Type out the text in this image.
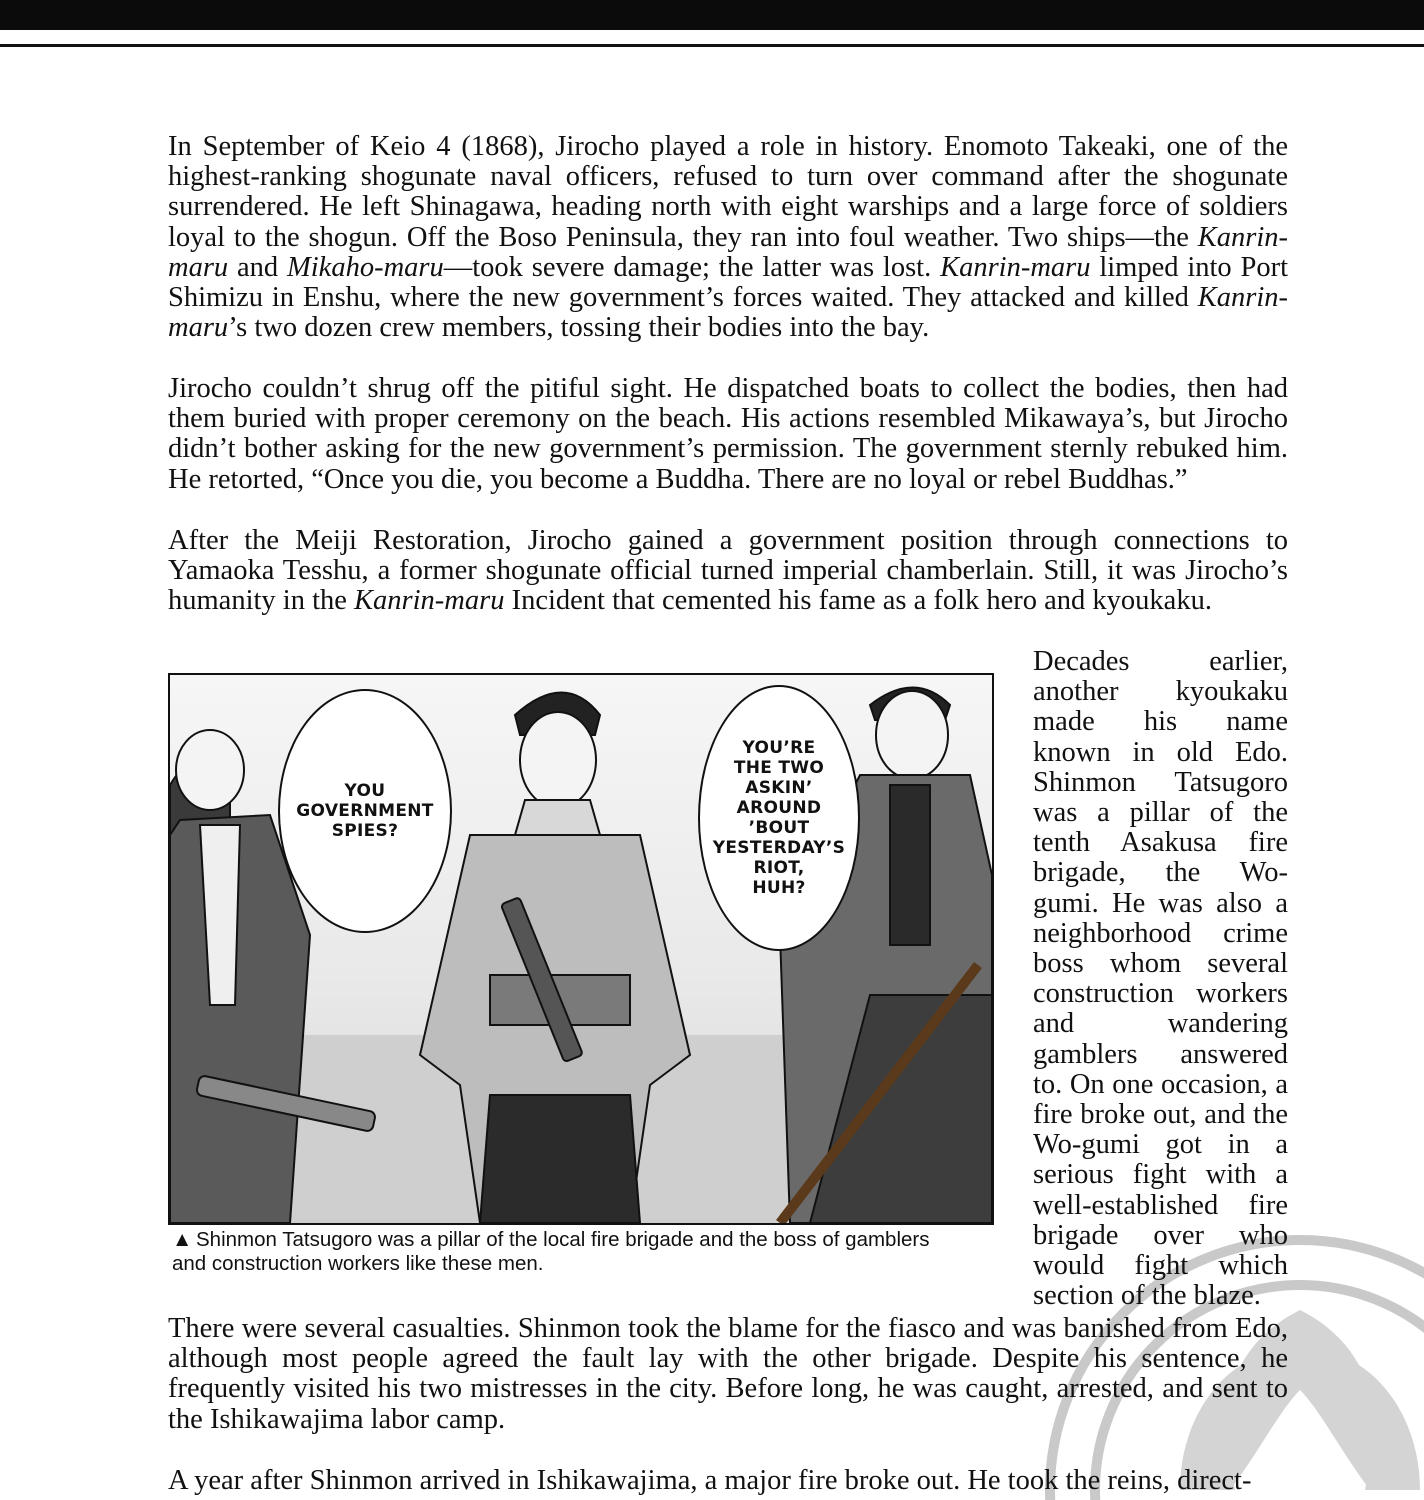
In September of Keio 4 (1868), Jirocho played a role in history. Enomoto Takeaki, one of the highest-ranking shogunate naval officers, refused to turn over command after the shogunate surrendered. He left Shinagawa, heading north with eight warships and a large force of soldiers loyal to the shogun. Off the Boso Peninsula, they ran into foul weather. Two ships—the Kanrin-maru and Mikaho-maru—took severe damage; the latter was lost. Kanrin-maru limped into Port Shimizu in Enshu, where the new government’s forces waited. They attacked and killed Kanrin-maru’s two dozen crew members, tossing their bodies into the bay.
Jirocho couldn’t shrug off the pitiful sight. He dispatched boats to collect the bodies, then had them buried with proper ceremony on the beach. His actions resembled Mikawaya’s, but Jirocho didn’t bother asking for the new government’s permission. The government sternly rebuked him. He retorted, “Once you die, you become a Buddha. There are no loyal or rebel Buddhas.”
After the Meiji Restoration, Jirocho gained a government position through connections to Yamaoka Tesshu, a former shogunate official turned imperial chamberlain. Still, it was Jirocho’s humanity in the Kanrin-maru Incident that cemented his fame as a folk hero and kyoukaku.
YOU
GOVERNMENT
SPIES?
YOU’RE
THE TWO
ASKIN’
AROUND
’BOUT
YESTERDAY’S
RIOT,
HUH?
▲ Shinmon Tatsugoro was a pillar of the local fire brigade and the boss of gamblers and construction workers like these men.
Decades earlier, another kyoukaku made his name known in old Edo. Shinmon Tatsugoro was a pillar of the tenth Asakusa fire brigade, the Wo-gumi. He was also a neighborhood crime boss whom several construction workers and wandering gamblers answered to. On one occasion, a fire broke out, and the Wo-gumi got in a serious fight with a well-established fire brigade over who would fight which section of the blaze.
There were several casualties. Shinmon took the blame for the fiasco and was banished from Edo, although most people agreed the fault lay with the other brigade. Despite his sentence, he frequently visited his two mistresses in the city. Before long, he was caught, arrested, and sent to the Ishikawajima labor camp.
A year after Shinmon arrived in Ishikawajima, a major fire broke out. He took the reins, direct-
